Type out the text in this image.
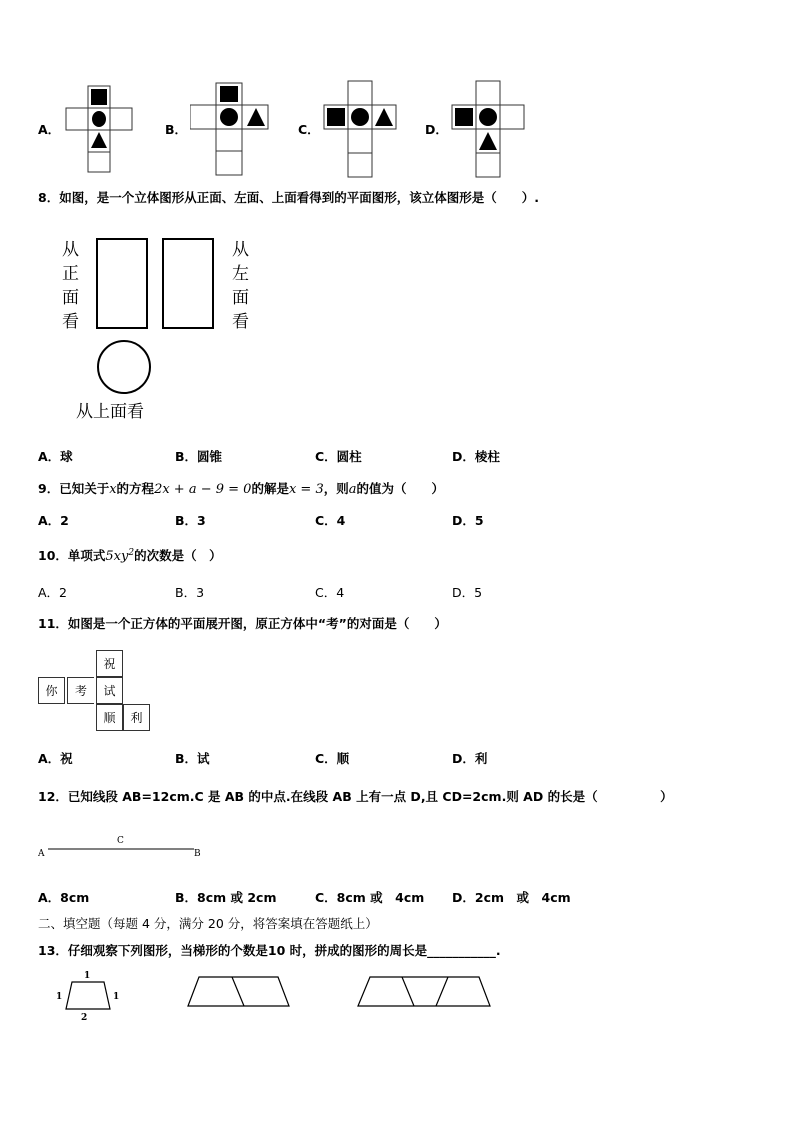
A．	B．	C．	D．
8．如图，是一个立体图形从正面、左面、上面看得到的平面图形，该立体图形是（　　）.
从
正
面
看
从
左
面
看
从上面看
A．球	B．圆锥	C．圆柱	D．棱柱
9．已知关于x的方程2x + a − 9 = 0的解是x = 3，则a的值为（　　）
A．2	B．3	C．4	D．5
10．单项式$5xy^2$的次数是（　）
A．2	B．3	C．4	D．5
11．如图是一个正方体的平面展开图，原正方体中“考”的对面是（　　）
祝
你	考	试
顺	利
A．祝	B．试	C．顺	D．利
12．已知线段 AB=12cm.C 是 AB 的中点.在线段 AB 上有一点 D,且 CD=2cm.则 AD 的长是（　　　　　）
A
C
B
A．8cm	B．8cm 或 2cm	C．8cm 或　4cm D．2cm　或　4cm
二、填空题（每题 4 分，满分 20 分，将答案填在答题纸上）
13．仔细观察下列图形，当梯形的个数是10 时，拼成的图形的周长是___________.
1
1	1
2
